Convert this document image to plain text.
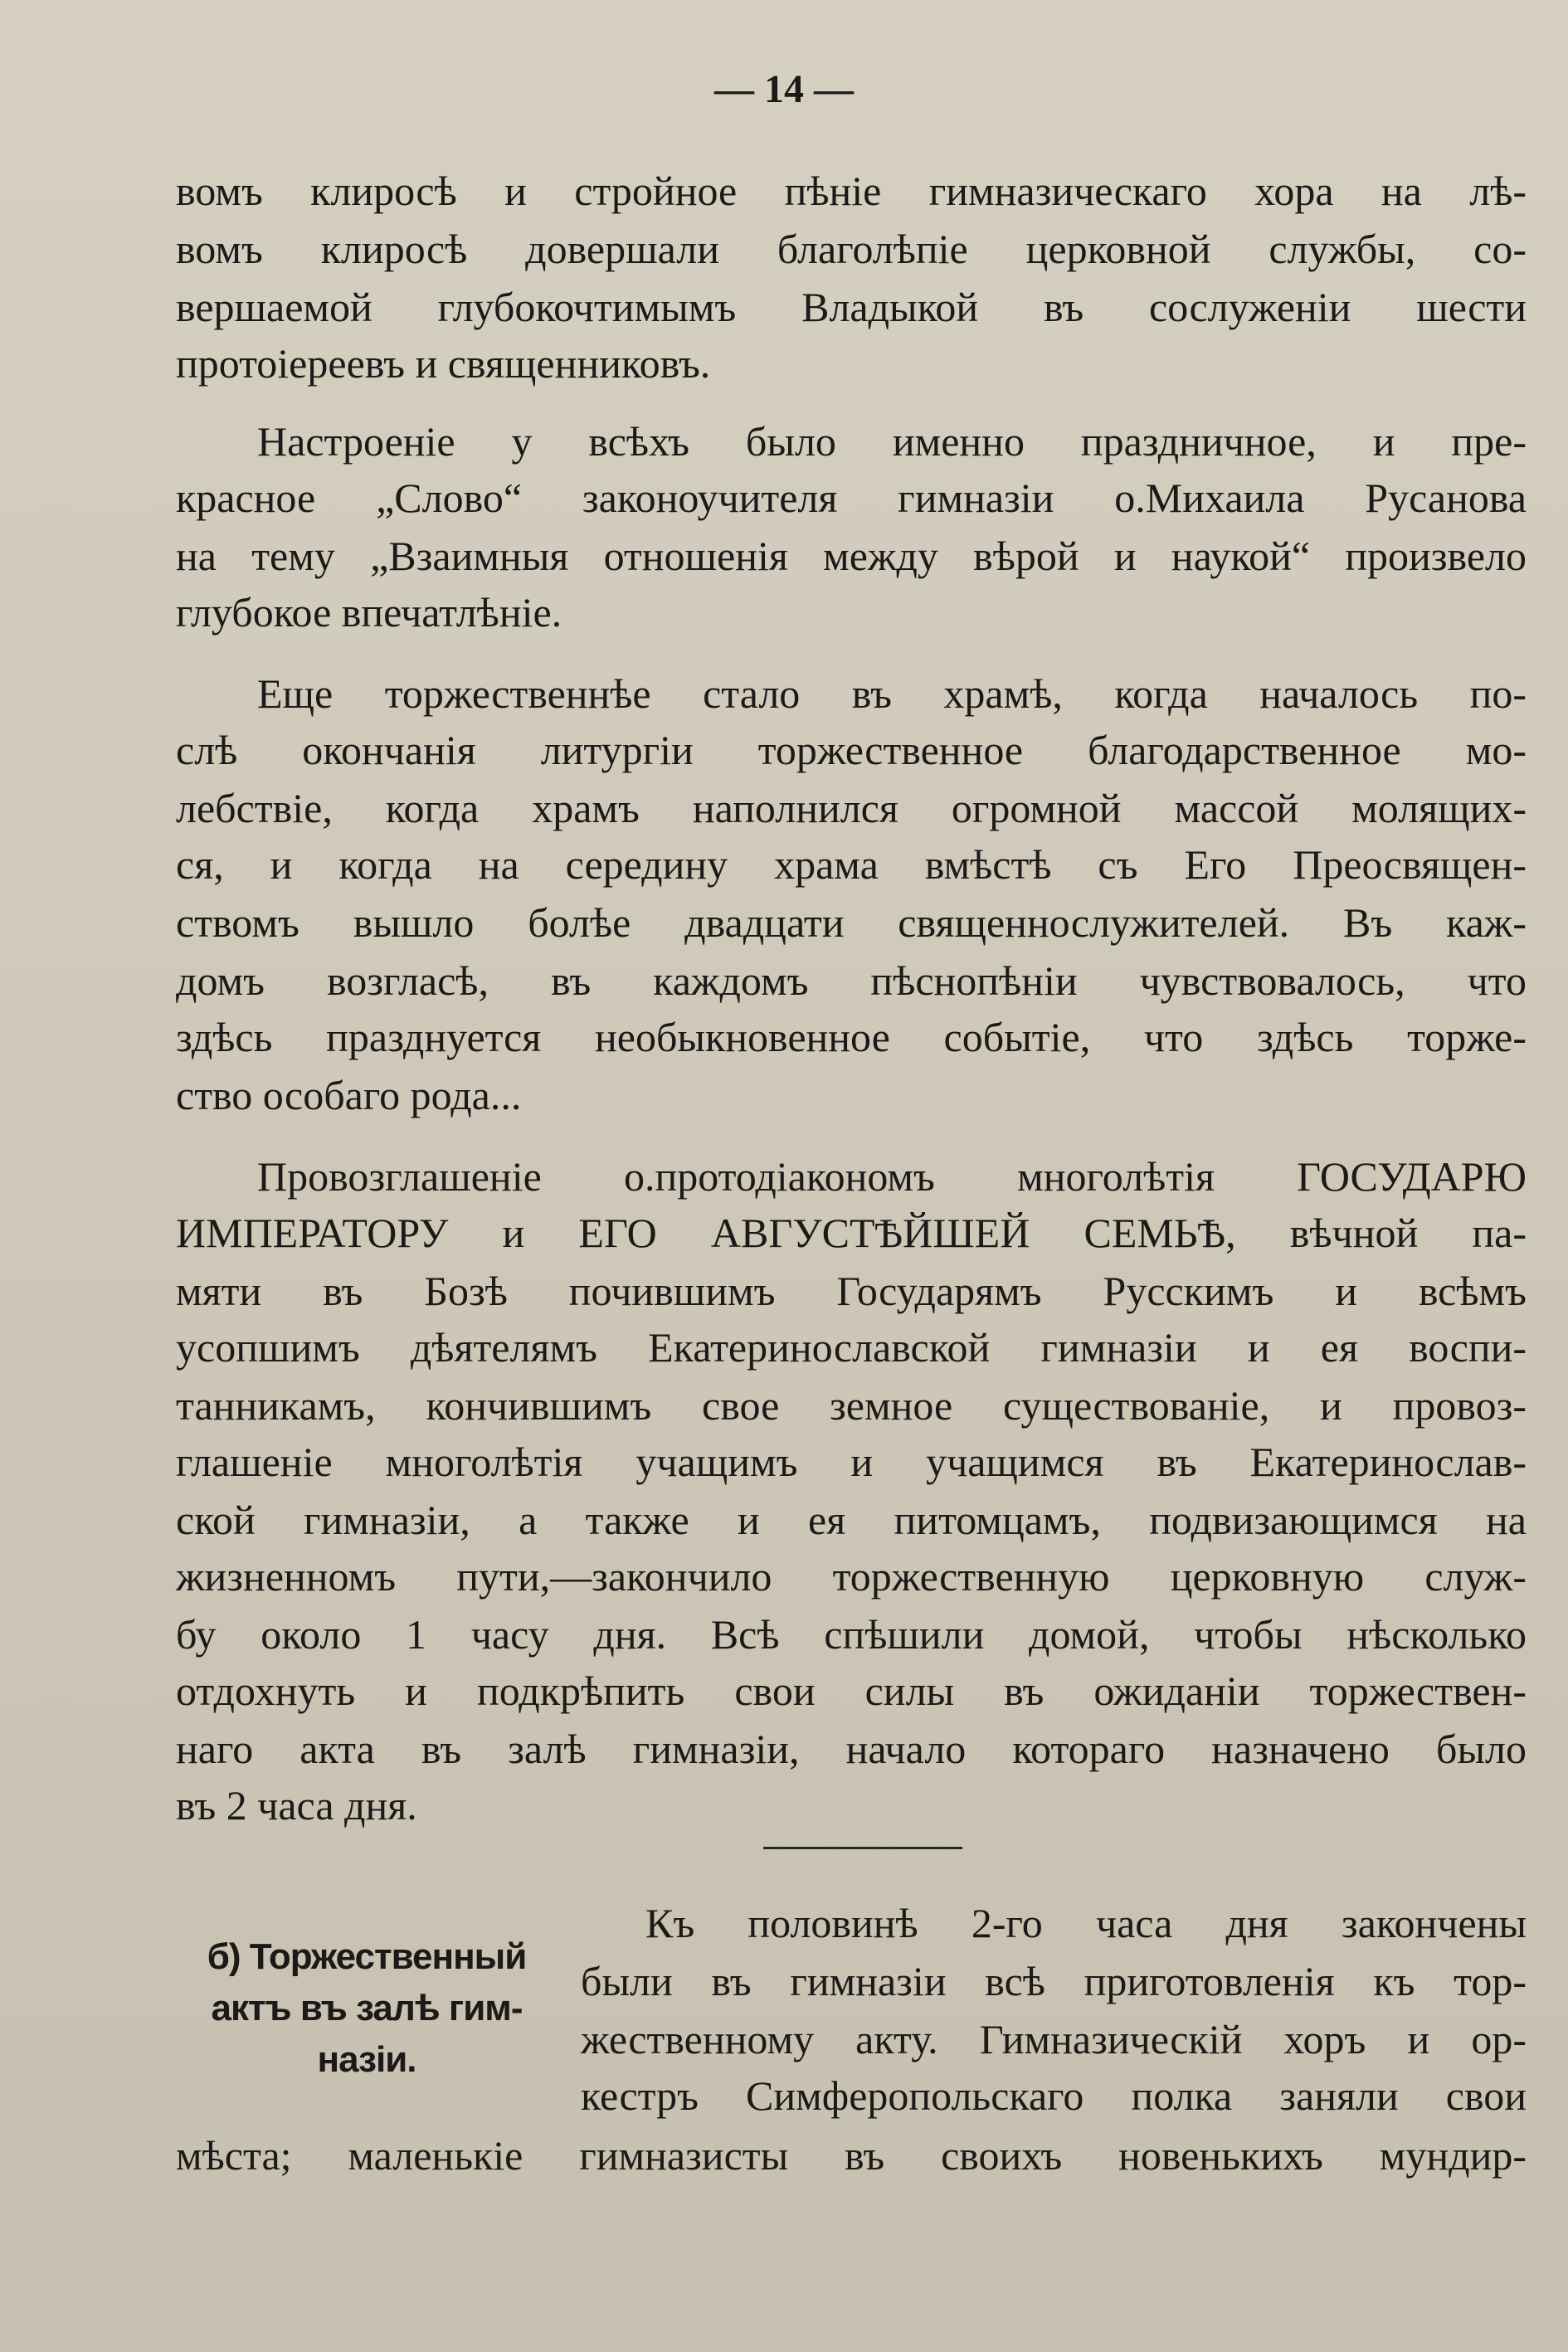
— 14 —
вомъ клиросѣ и стройное пѣніе гимназическаго хора на лѣ-
вомъ клиросѣ довершали благолѣпіе церковной службы, со-
вершаемой глубокочтимымъ Владыкой въ сослуженіи шести
протоіереевъ и священниковъ.
Настроеніе у всѣхъ было именно праздничное, и пре-
красное „Слово“ законоучителя гимназіи о.Михаила Русанова
на тему „Взаимныя отношенія между вѣрой и наукой“ произвело
глубокое впечатлѣніе.
Еще торжественнѣе стало въ храмѣ, когда началось по-
слѣ окончанія литургіи торжественное благодарственное мо-
лебствіе, когда храмъ наполнился огромной массой молящих-
ся, и когда на середину храма вмѣстѣ съ Его Преосвящен-
ствомъ вышло болѣе двадцати священнослужителей. Въ каж-
домъ возгласѣ, въ каждомъ пѣснопѣніи чувствовалось, что
здѣсь празднуется необыкновенное событіе, что здѣсь торже-
ство особаго рода...
Провозглашеніе о.протодіакономъ многолѣтія ГОСУДАРЮ
ИМПЕРАТОРУ и ЕГО АВГУСТѢЙШЕЙ СЕМЬѢ, вѣчной па-
мяти въ Бозѣ почившимъ Государямъ Русскимъ и всѣмъ
усопшимъ дѣятелямъ Екатеринославской гимназіи и ея воспи-
танникамъ, кончившимъ свое земное существованіе, и провоз-
глашеніе многолѣтія учащимъ и учащимся въ Екатеринослав-
ской гимназіи, а также и ея питомцамъ, подвизающимся на
жизненномъ пути,—закончило торжественную церковную служ-
бу около 1 часу дня. Всѣ спѣшили домой, чтобы нѣсколько
отдохнуть и подкрѣпить свои силы въ ожиданіи торжествен-
наго акта въ залѣ гимназіи, начало котораго назначено было
въ 2 часа дня.
б) Торжественный
актъ въ залѣ гим-
назіи.
Къ половинѣ 2-го часа дня закончены
были въ гимназіи всѣ приготовленія къ тор-
жественному акту. Гимназическій хоръ и ор-
кестръ Симферопольскаго полка заняли свои
мѣста; маленькіе гимназисты въ своихъ новенькихъ мундир-
